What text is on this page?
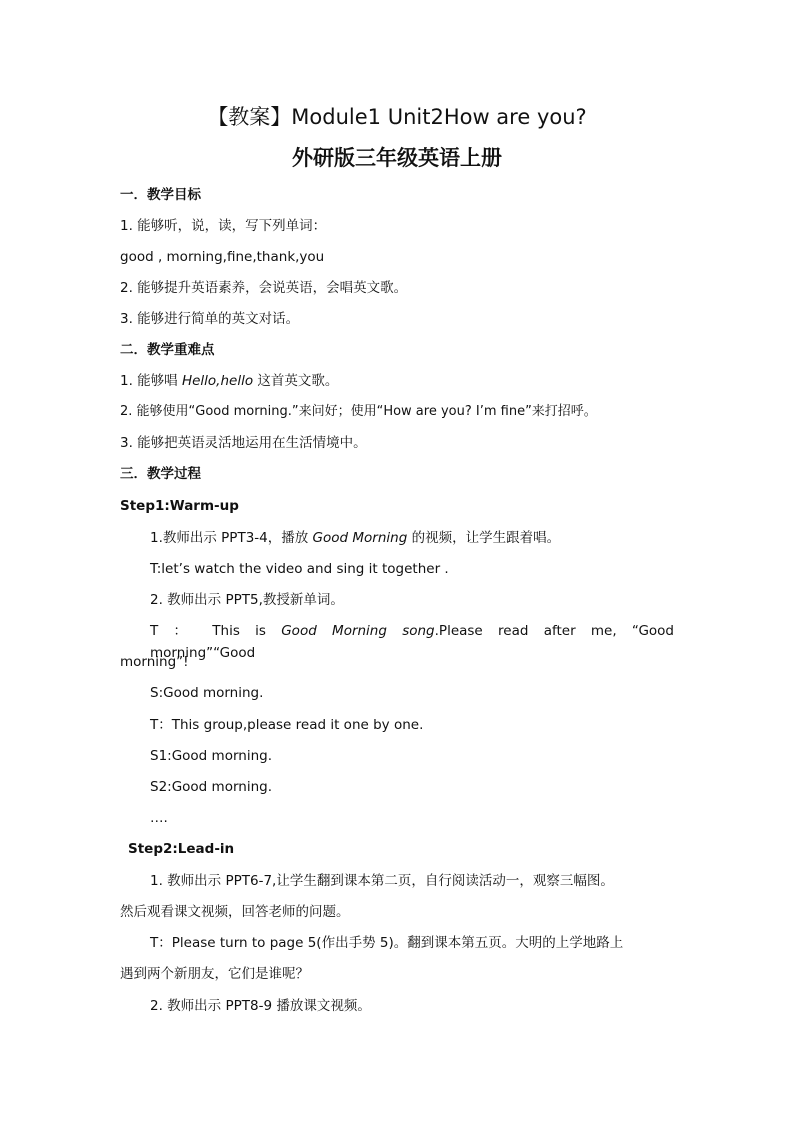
【教案】Module1 Unit2How are you?
外研版三年级英语上册
一．教学目标
1. 能够听，说，读，写下列单词：
good , morning,fine,thank,you
2. 能够提升英语素养，会说英语，会唱英文歌。
3. 能够进行简单的英文对话。
二．教学重难点
1. 能够唱 Hello,hello 这首英文歌。
2. 能够使用“Good morning.”来问好；使用“How are you? I’m fine”来打招呼。
3. 能够把英语灵活地运用在生活情境中。
三．教学过程
Step1:Warm-up
1.教师出示 PPT3-4，播放 Good Morning 的视频，让学生跟着唱。
T:let’s watch the video and sing it together .
2. 教师出示 PPT5,教授新单词。
T ： This is Good Morning song.Please read after me, “Good morning”“Good
morning”!
S:Good morning.
T：This group,please read it one by one.
S1:Good morning.
S2:Good morning.
….
Step2:Lead-in
1. 教师出示 PPT6-7,让学生翻到课本第二页，自行阅读活动一，观察三幅图。
然后观看课文视频，回答老师的问题。
T：Please turn to page 5(作出手势 5)。翻到课本第五页。大明的上学地路上
遇到两个新朋友，它们是谁呢？
2. 教师出示 PPT8-9 播放课文视频。
